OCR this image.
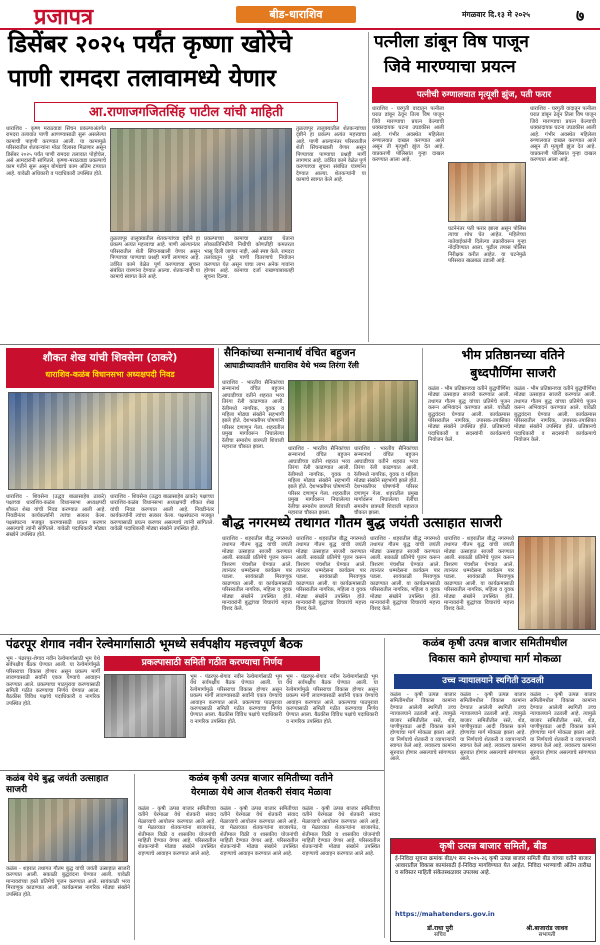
प्रजापत्र	बीड-धाराशिव	मंगळवार दि.१३ मे २०२५	७
डिसेंबर २०२५ पर्यंत कृष्णा खोरेचे
पाणी रामदरा तलावामध्ये येणार
आ.राणाजगजितसिंह पाटील यांची माहिती
धाराशिव - कृष्ण मराठवाडा सिंचन प्रकल्पाअंतर्गत रामदरा तलावात पाणी आणण्यासाठी सुरू असलेल्या कामाची पाहणी करण्यात आली. या कामामुळे परिसरातील शेतकऱ्यांना मोठा दिलासा मिळणार असून डिसेंबर २०२५ पर्यंत पाणी रामदरा तलावात पोहोचेल, असे आमदारांनी सांगितले. कृष्णा-मराठवाडा प्रकल्पाचे काम गतीने सुरू असून बोगद्याचे काम अंतिम टप्प्यात आहे. यावेळी अधिकारी व पदाधिकारी उपस्थित होते.
तुळजापूर तालुक्यातील शेतकऱ्यांच्या दृष्टीने हा प्रकल्प अत्यंत महत्त्वाचा आहे. पाणी आल्यानंतर परिसरातील शेती सिंचनाखाली येणार असून पिण्याच्या पाण्याचा प्रश्नही मार्गी लागणार आहे. उर्वरित कामे वेळेत पूर्ण करण्याच्या सूचना संबंधित यंत्रणांना देण्यात आल्या. शेतकऱ्यांनी या कामाचे स्वागत केले आहे.
प्रकल्पाच्या कामाचा आढावा घेताना लोकप्रतिनिधींनी निधीची कोणतीही कमतरता भासू दिली जाणार नाही, असे स्पष्ट केले. रामदरा तलावातून पुढे पाणी वितरणाचे नियोजन करण्यात येत असून याचा लाभ अनेक गावांना होणार आहे. कामाचा दर्जा राखण्याबाबतही सूचना दिल्या.
तुळजापूर तालुक्यातील शेतकऱ्यांच्या दृष्टीने हा प्रकल्प अत्यंत महत्त्वाचा आहे. पाणी आल्यानंतर परिसरातील शेती सिंचनाखाली येणार असून पिण्याच्या पाण्याचा प्रश्नही मार्गी लागणार आहे. उर्वरित कामे वेळेत पूर्ण करण्याच्या सूचना संबंधित यंत्रणांना देण्यात आल्या. शेतकऱ्यांनी या कामाचे स्वागत केले आहे.
पत्नीला डांबून विष पाजून
जिवे मारण्याचा प्रयत्न
पत्नीची रुग्णालयात मृत्यूशी झुंज, पती फरार
धाराशिव - घरगुती वादातून पत्नीला घरात डांबून ठेवून तिला विष पाजून जिवे मारण्याचा प्रयत्न केल्याची धक्कादायक घटना उघडकीस आली आहे. गंभीर अवस्थेत महिलेला रुग्णालयात दाखल करण्यात आले असून ती मृत्यूशी झुंज देत आहे. याप्रकरणी पोलिसांत गुन्हा दाखल करण्यात आला आहे.
घटनेनंतर पती फरार झाला असून पोलिस त्याचा शोध घेत आहेत. महिलेच्या नातेवाईकांनी दिलेल्या तक्रारीवरून गुन्हा नोंदविण्यात आला. पुढील तपास पोलिस निरीक्षक करीत आहेत. या घटनेमुळे परिसरात खळबळ उडाली आहे.
धाराशिव - घरगुती वादातून पत्नीला घरात डांबून ठेवून तिला विष पाजून जिवे मारण्याचा प्रयत्न केल्याची धक्कादायक घटना उघडकीस आली आहे. गंभीर अवस्थेत महिलेला रुग्णालयात दाखल करण्यात आले असून ती मृत्यूशी झुंज देत आहे. याप्रकरणी पोलिसांत गुन्हा दाखल करण्यात आला आहे.
शौकत शेख यांची शिवसेना (ठाकरे)
धाराशिव-कळंब विधानसभा अध्यक्षपदी निवड
धाराशिव - शिवसेना (उद्धव बाळासाहेब ठाकरे) पक्षाच्या धाराशिव-कळंब विधानसभा अध्यक्षपदी शौकत शेख यांची निवड करण्यात आली आहे. निवडीनंतर कार्यकर्त्यांनी त्यांचा सत्कार केला. पक्षसंघटना मजबूत करण्यासाठी प्रयत्न करणार असल्याचे त्यांनी सांगितले. यावेळी पदाधिकारी मोठ्या संख्येने उपस्थित होते.
धाराशिव - शिवसेना (उद्धव बाळासाहेब ठाकरे) पक्षाच्या धाराशिव-कळंब विधानसभा अध्यक्षपदी शौकत शेख यांची निवड करण्यात आली आहे. निवडीनंतर कार्यकर्त्यांनी त्यांचा सत्कार केला. पक्षसंघटना मजबूत करण्यासाठी प्रयत्न करणार असल्याचे त्यांनी सांगितले. यावेळी पदाधिकारी मोठ्या संख्येने उपस्थित होते.
सैनिकांच्या सन्मानार्थ वंचित बहुजन
आघाडीच्यावतीने धाराशिव येथे भव्य तिरंगा रॅली
धाराशिव - भारतीय सैनिकांच्या सन्मानार्थ वंचित बहुजन आघाडीच्या वतीने शहरात भव्य तिरंगा रॅली काढण्यात आली. रॅलीमध्ये नागरिक, युवक व महिला मोठ्या संख्येने सहभागी झाले होते. देशभक्तीपर घोषणांनी परिसर दणाणून गेला. शहरातील प्रमुख मार्गावरून निघालेल्या रॅलीचा समारोप छत्रपती शिवाजी महाराज चौकात झाला.	धाराशिव - भारतीय सैनिकांच्या सन्मानार्थ वंचित बहुजन आघाडीच्या वतीने शहरात भव्य तिरंगा रॅली काढण्यात आली. रॅलीमध्ये नागरिक, युवक व महिला मोठ्या संख्येने सहभागी झाले होते. देशभक्तीपर घोषणांनी परिसर दणाणून गेला. शहरातील प्रमुख मार्गावरून निघालेल्या रॅलीचा समारोप छत्रपती शिवाजी महाराज चौकात झाला.
धाराशिव - भारतीय सैनिकांच्या सन्मानार्थ वंचित बहुजन आघाडीच्या वतीने शहरात भव्य तिरंगा रॅली काढण्यात आली. रॅलीमध्ये नागरिक, युवक व महिला मोठ्या संख्येने सहभागी झाले होते. देशभक्तीपर घोषणांनी परिसर दणाणून गेला. शहरातील प्रमुख मार्गावरून निघालेल्या रॅलीचा समारोप छत्रपती शिवाजी महाराज चौकात झाला.
भीम प्रतिष्ठानच्या वतिने
बुध्दपौर्णिमा साजरी
कळंब - भीम प्रतिष्ठानच्या वतीने बुद्धपौर्णिमा मोठ्या उत्साहात साजरी करण्यात आली. तथागत गौतम बुद्ध यांच्या प्रतिमेचे पूजन करून अभिवादन करण्यात आले. यावेळी बुद्धवंदना घेण्यात आली. कार्यक्रमास परिसरातील नागरिक, उपासक-उपासिका मोठ्या संख्येने उपस्थित होते. प्रतिष्ठानचे पदाधिकारी व सदस्यांनी कार्यक्रमाचे नियोजन केले.
कळंब - भीम प्रतिष्ठानच्या वतीने बुद्धपौर्णिमा मोठ्या उत्साहात साजरी करण्यात आली. तथागत गौतम बुद्ध यांच्या प्रतिमेचे पूजन करून अभिवादन करण्यात आले. यावेळी बुद्धवंदना घेण्यात आली. कार्यक्रमास परिसरातील नागरिक, उपासक-उपासिका मोठ्या संख्येने उपस्थित होते. प्रतिष्ठानचे पदाधिकारी व सदस्यांनी कार्यक्रमाचे नियोजन केले.
बौद्ध नगरमध्ये तथागत गौतम बुद्ध जयंती उत्साहात साजरी
धाराशिव - शहरातील बौद्ध नगरमध्ये तथागत गौतम बुद्ध यांची जयंती मोठ्या उत्साहात साजरी करण्यात आली. सकाळी प्रतिमेचे पूजन करून त्रिशरण पंचशील घेण्यात आले. त्यानंतर धम्मदेसना कार्यक्रम पार पडला. सायंकाळी मिरवणूक काढण्यात आली. या कार्यक्रमासाठी परिसरातील नागरिक, महिला व युवक मोठ्या संख्येने उपस्थित होते. मान्यवरांनी बुद्धांच्या विचारांचे महत्त्व विशद केले.
धाराशिव - शहरातील बौद्ध नगरमध्ये तथागत गौतम बुद्ध यांची जयंती मोठ्या उत्साहात साजरी करण्यात आली. सकाळी प्रतिमेचे पूजन करून त्रिशरण पंचशील घेण्यात आले. त्यानंतर धम्मदेसना कार्यक्रम पार पडला. सायंकाळी मिरवणूक काढण्यात आली. या कार्यक्रमासाठी परिसरातील नागरिक, महिला व युवक मोठ्या संख्येने उपस्थित होते. मान्यवरांनी बुद्धांच्या विचारांचे महत्त्व विशद केले.
धाराशिव - शहरातील बौद्ध नगरमध्ये तथागत गौतम बुद्ध यांची जयंती मोठ्या उत्साहात साजरी करण्यात आली. सकाळी प्रतिमेचे पूजन करून त्रिशरण पंचशील घेण्यात आले. त्यानंतर धम्मदेसना कार्यक्रम पार पडला. सायंकाळी मिरवणूक काढण्यात आली. या कार्यक्रमासाठी परिसरातील नागरिक, महिला व युवक मोठ्या संख्येने उपस्थित होते. मान्यवरांनी बुद्धांच्या विचारांचे महत्त्व विशद केले.
धाराशिव - शहरातील बौद्ध नगरमध्ये तथागत गौतम बुद्ध यांची जयंती मोठ्या उत्साहात साजरी करण्यात आली. सकाळी प्रतिमेचे पूजन करून त्रिशरण पंचशील घेण्यात आले. त्यानंतर धम्मदेसना कार्यक्रम पार पडला. सायंकाळी मिरवणूक काढण्यात आली. या कार्यक्रमासाठी परिसरातील नागरिक, महिला व युवक मोठ्या संख्येने उपस्थित होते. मान्यवरांनी बुद्धांच्या विचारांचे महत्त्व विशद केले.
पंढरपूर शेगाव नवीन रेल्वेमार्गासाठी भूमध्ये सर्वपक्षीय महत्त्वपूर्ण बैठक
प्रकल्पासाठी समिती गठीत करण्याचा निर्णय
भूम - पंढरपूर-शेगाव नवीन रेल्वेमार्गासाठी भूम येथे सर्वपक्षीय बैठक घेण्यात आली. या रेल्वेमार्गामुळे परिसराचा विकास होणार असून प्रकल्प मार्गी लावण्यासाठी सर्वांनी एकत्र येण्याचे आवाहन करण्यात आले. प्रकल्पाचा पाठपुरावा करण्यासाठी समिती गठीत करण्याचा निर्णय घेण्यात आला. बैठकीस विविध पक्षांचे पदाधिकारी व नागरिक उपस्थित होते.
भूम - पंढरपूर-शेगाव नवीन रेल्वेमार्गासाठी भूम येथे सर्वपक्षीय बैठक घेण्यात आली. या रेल्वेमार्गामुळे परिसराचा विकास होणार असून प्रकल्प मार्गी लावण्यासाठी सर्वांनी एकत्र येण्याचे आवाहन करण्यात आले. प्रकल्पाचा पाठपुरावा करण्यासाठी समिती गठीत करण्याचा निर्णय घेण्यात आला. बैठकीस विविध पक्षांचे पदाधिकारी व नागरिक उपस्थित होते.
भूम - पंढरपूर-शेगाव नवीन रेल्वेमार्गासाठी भूम येथे सर्वपक्षीय बैठक घेण्यात आली. या रेल्वेमार्गामुळे परिसराचा विकास होणार असून प्रकल्प मार्गी लावण्यासाठी सर्वांनी एकत्र येण्याचे आवाहन करण्यात आले. प्रकल्पाचा पाठपुरावा करण्यासाठी समिती गठीत करण्याचा निर्णय घेण्यात आला. बैठकीस विविध पक्षांचे पदाधिकारी व नागरिक उपस्थित होते.
कळंब कृषी उत्पन्न बाजार समितीमधील
विकास कामे होण्याचा मार्ग मोकळा
उच्च न्यायालयाने स्थगिती उठवली
कळंब - कृषी उत्पन्न बाजार समितीमधील विकास कामांना देण्यात आलेली स्थगिती उच्च न्यायालयाने उठवली आहे. त्यामुळे बाजार समितीतील रस्ते, शेड, पाणीपुरवठा आदी विकास कामे होण्याचा मार्ग मोकळा झाला आहे. या निर्णयाचे शेतकरी व व्यापाऱ्यांनी स्वागत केले आहे. लवकरच कामांना सुरुवात होणार असल्याचे सांगण्यात आले.
कळंब - कृषी उत्पन्न बाजार समितीमधील विकास कामांना देण्यात आलेली स्थगिती उच्च न्यायालयाने उठवली आहे. त्यामुळे बाजार समितीतील रस्ते, शेड, पाणीपुरवठा आदी विकास कामे होण्याचा मार्ग मोकळा झाला आहे. या निर्णयाचे शेतकरी व व्यापाऱ्यांनी स्वागत केले आहे. लवकरच कामांना सुरुवात होणार असल्याचे सांगण्यात आले.
कळंब - कृषी उत्पन्न बाजार समितीमधील विकास कामांना देण्यात आलेली स्थगिती उच्च न्यायालयाने उठवली आहे. त्यामुळे बाजार समितीतील रस्ते, शेड, पाणीपुरवठा आदी विकास कामे होण्याचा मार्ग मोकळा झाला आहे. या निर्णयाचे शेतकरी व व्यापाऱ्यांनी स्वागत केले आहे. लवकरच कामांना सुरुवात होणार असल्याचे सांगण्यात आले.
कृषी उत्पन्न बाजार समिती, बीड
ई-निविदा सूचना क्रमांक बीड/१ सन २०२५-२६ कृषी उत्पन्न बाजार समिती बीड यांच्या वतीने बाजार आवारातील विकास कामांसाठी ई-निविदा मागविण्यात येत आहेत. निविदा भरण्याची अंतिम तारीख व सविस्तर माहिती संकेतस्थळावर उपलब्ध आहे.
https://mahatenders.gov.in
डॉ.राधा पुरी
सचिव
श्री.बाजारांड जाधव
सभापती
कळंब येथे बुद्ध जयंती उत्साहात साजरी
कळंब - शहरात तथागत गौतम बुद्ध यांची जयंती उत्साहात साजरी करण्यात आली. सकाळी बुद्धवंदना घेण्यात आली. यावेळी मान्यवरांच्या हस्ते प्रतिमेचे पूजन करण्यात आले. सायंकाळी भव्य मिरवणूक काढण्यात आली. कार्यक्रमास नागरिक मोठ्या संख्येने उपस्थित होते.
कळंब कृषी उत्पन्न बाजार समितीच्या वतीने
येरमाळा येथे आज शेतकरी संवाद मेळावा
कळंब - कृषी उत्पन्न बाजार समितीच्या वतीने येरमाळा येथे शेतकरी संवाद मेळाव्याचे आयोजन करण्यात आले आहे. या मेळाव्यात शेतकऱ्यांना बाजारपेठ, शेतीमाल विक्री व शासकीय योजनांची माहिती देण्यात येणार आहे. परिसरातील शेतकऱ्यांनी मोठ्या संख्येने उपस्थित राहण्याचे आवाहन करण्यात आले आहे.
कळंब - कृषी उत्पन्न बाजार समितीच्या वतीने येरमाळा येथे शेतकरी संवाद मेळाव्याचे आयोजन करण्यात आले आहे. या मेळाव्यात शेतकऱ्यांना बाजारपेठ, शेतीमाल विक्री व शासकीय योजनांची माहिती देण्यात येणार आहे. परिसरातील शेतकऱ्यांनी मोठ्या संख्येने उपस्थित राहण्याचे आवाहन करण्यात आले आहे.
कळंब - कृषी उत्पन्न बाजार समितीच्या वतीने येरमाळा येथे शेतकरी संवाद मेळाव्याचे आयोजन करण्यात आले आहे. या मेळाव्यात शेतकऱ्यांना बाजारपेठ, शेतीमाल विक्री व शासकीय योजनांची माहिती देण्यात येणार आहे. परिसरातील शेतकऱ्यांनी मोठ्या संख्येने उपस्थित राहण्याचे आवाहन करण्यात आले आहे.
